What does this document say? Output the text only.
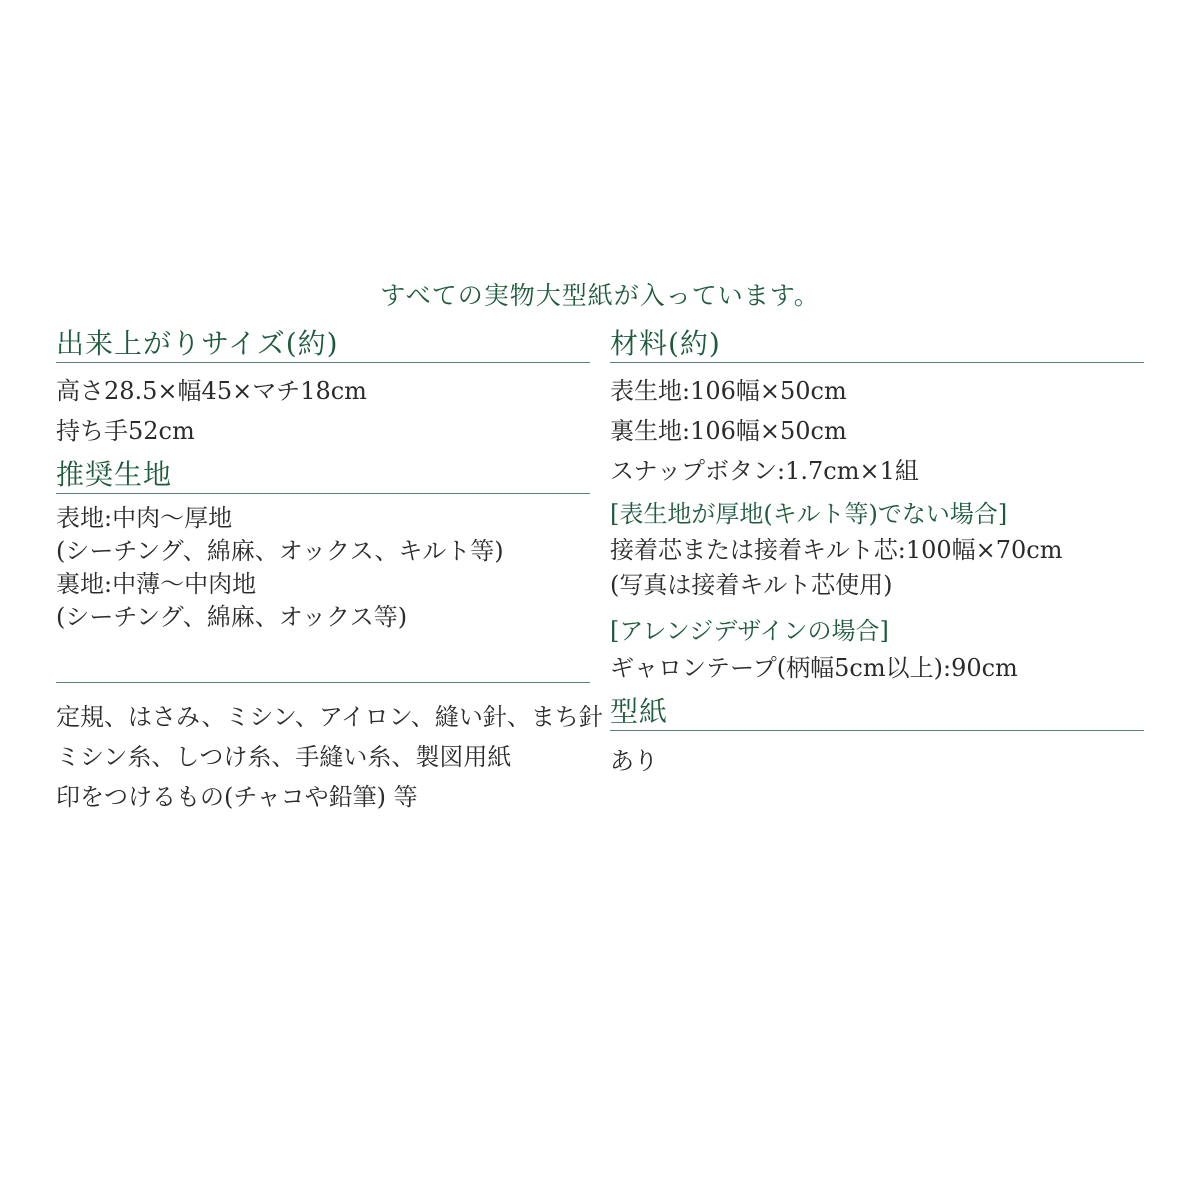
すべての実物大型紙が入っています。
出来上がりサイズ(約)
高さ28.5×幅45×マチ18cm
持ち手52cm
推奨生地
表地:中肉〜厚地
(シーチング、綿麻、オックス、キルト等)
裏地:中薄〜中肉地
(シーチング、綿麻、オックス等)
定規、はさみ、ミシン、アイロン、縫い針、まち針
ミシン糸、しつけ糸、手縫い糸、製図用紙
印をつけるもの(チャコや鉛筆) 等
材料(約)
表生地:106幅×50cm
裏生地:106幅×50cm
スナップボタン:1.7cm×1組
[表生地が厚地(キルト等)でない場合]
接着芯または接着キルト芯:100幅×70cm
(写真は接着キルト芯使用)
[アレンジデザインの場合]
ギャロンテープ(柄幅5cm以上):90cm
型紙
あり
